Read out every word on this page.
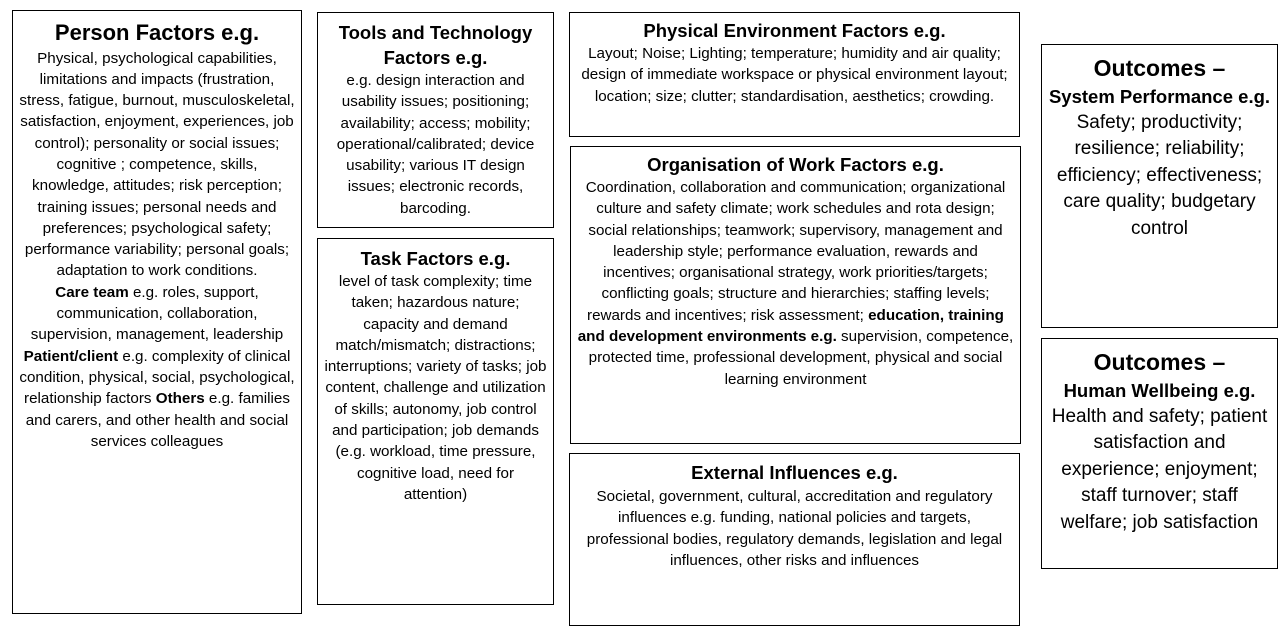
Person Factors e.g.
Physical, psychological capabilities, limitations and impacts (frustration, stress, fatigue, burnout, musculoskeletal, satisfaction, enjoyment, experiences, job control); personality or social issues; cognitive ; competence, skills, knowledge, attitudes; risk perception; training issues; personal needs and preferences; psychological safety; performance variability; personal goals; adaptation to work conditions.
Care team e.g. roles, support, communication, collaboration, supervision, management, leadership
Patient/client e.g. complexity of clinical condition, physical, social, psychological, relationship factors Others e.g. families and carers, and other health and social services colleagues
Tools and Technology Factors e.g.
e.g. design interaction and usability issues; positioning; availability; access; mobility; operational/calibrated; device usability; various IT design issues; electronic records, barcoding.
Task Factors e.g.
level of task complexity; time taken; hazardous nature; capacity and demand match/mismatch; distractions; interruptions; variety of tasks; job content, challenge and utilization of skills; autonomy, job control and participation; job demands (e.g. workload, time pressure, cognitive load, need for attention)
Physical Environment Factors e.g.
Layout; Noise; Lighting; temperature; humidity and air quality; design of immediate workspace or physical environment layout; location; size; clutter; standardisation, aesthetics; crowding.
Organisation of Work Factors e.g.
Coordination, collaboration and communication; organizational culture and safety climate; work schedules and rota design; social relationships; teamwork; supervisory, management and leadership style; performance evaluation, rewards and incentives; organisational strategy, work priorities/targets; conflicting goals; structure and hierarchies; staffing levels; rewards and incentives; risk assessment; education, training and development environments e.g. supervision, competence, protected time, professional development, physical and social learning environment
External Influences e.g.
Societal, government, cultural, accreditation and regulatory influences e.g. funding, national policies and targets, professional bodies, regulatory demands, legislation and legal influences, other risks and influences
Outcomes –
System Performance e.g.
Safety; productivity; resilience; reliability; efficiency; effectiveness; care quality; budgetary control
Outcomes –
Human Wellbeing e.g.
Health and safety; patient satisfaction and experience; enjoyment; staff turnover; staff welfare; job satisfaction
